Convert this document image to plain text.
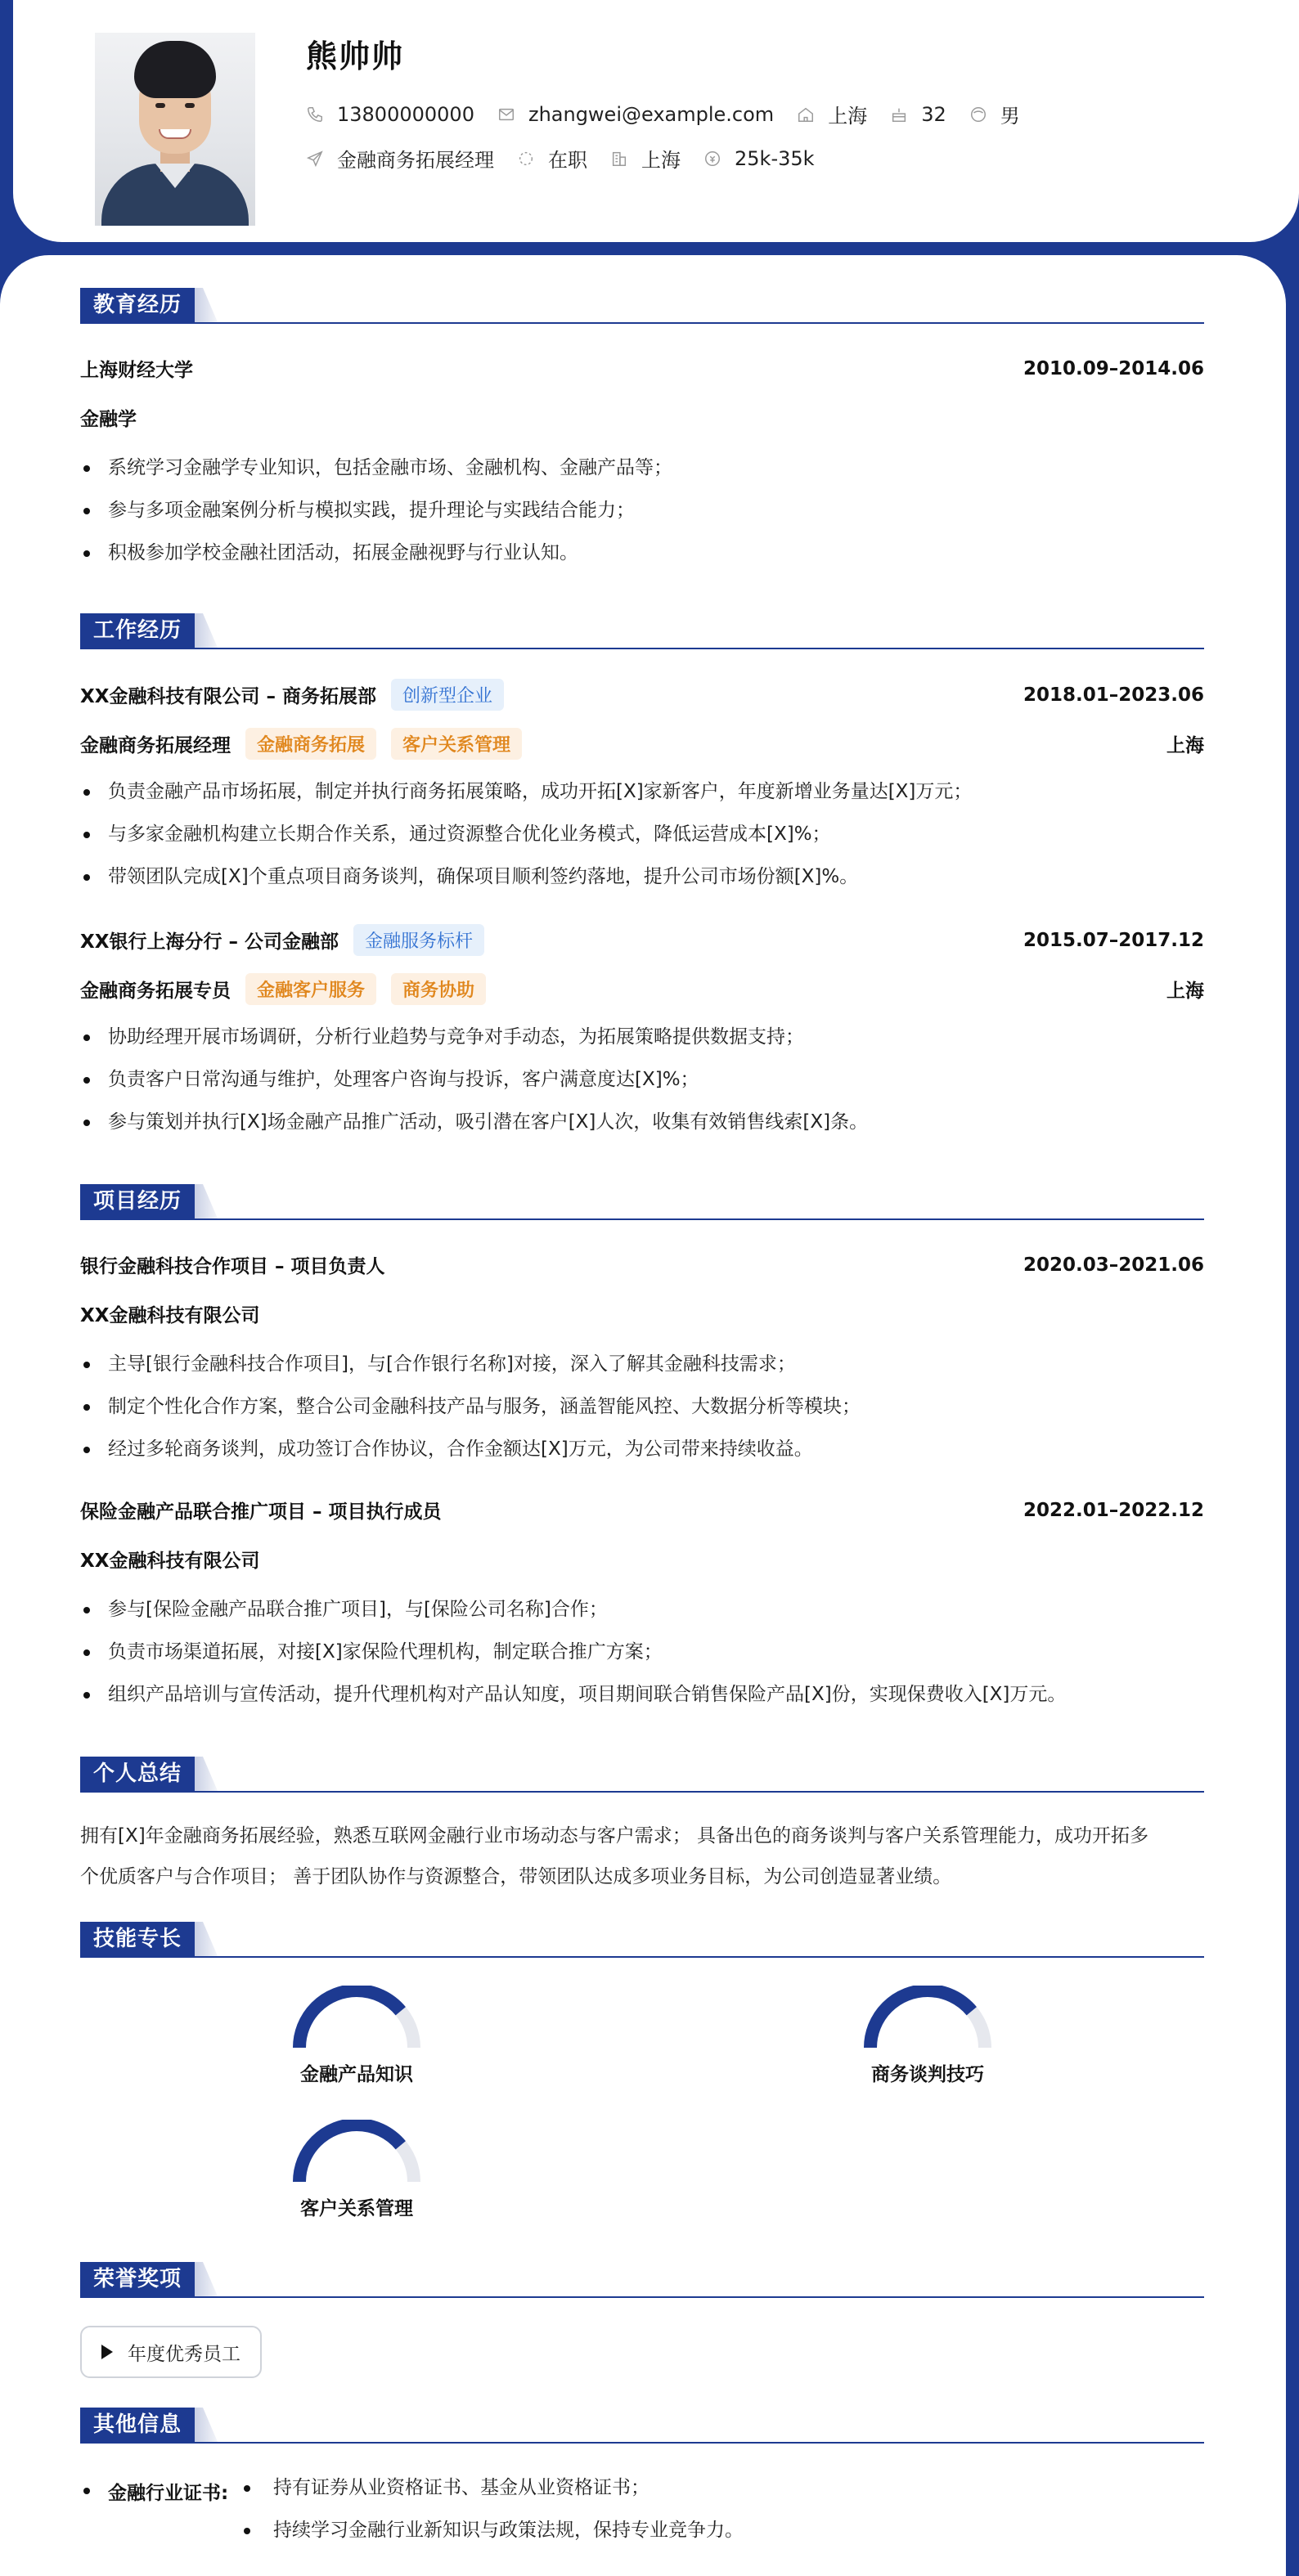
熊帅帅
13800000000	zhangwei@example.com	上海	32	男
金融商务拓展经理	在职	上海	25k-35k
教育经历
上海财经大学	2010.09–2014.06
金融学
系统学习金融学专业知识，包括金融市场、金融机构、金融产品等；
参与多项金融案例分析与模拟实践，提升理论与实践结合能力；
积极参加学校金融社团活动，拓展金融视野与行业认知。
工作经历
XX金融科技有限公司 – 商务拓展部	创新型企业	2018.01–2023.06
金融商务拓展经理	金融商务拓展	客户关系管理	上海
负责金融产品市场拓展，制定并执行商务拓展策略，成功开拓[X]家新客户，年度新增业务量达[X]万元；
与多家金融机构建立长期合作关系，通过资源整合优化业务模式，降低运营成本[X]%；
带领团队完成[X]个重点项目商务谈判，确保项目顺利签约落地，提升公司市场份额[X]%。
XX银行上海分行 – 公司金融部	金融服务标杆	2015.07–2017.12
金融商务拓展专员	金融客户服务	商务协助	上海
协助经理开展市场调研，分析行业趋势与竞争对手动态，为拓展策略提供数据支持；
负责客户日常沟通与维护，处理客户咨询与投诉，客户满意度达[X]%；
参与策划并执行[X]场金融产品推广活动，吸引潜在客户[X]人次，收集有效销售线索[X]条。
项目经历
银行金融科技合作项目 – 项目负责人	2020.03–2021.06
XX金融科技有限公司
主导[银行金融科技合作项目]，与[合作银行名称]对接，深入了解其金融科技需求；
制定个性化合作方案，整合公司金融科技产品与服务，涵盖智能风控、大数据分析等模块；
经过多轮商务谈判，成功签订合作协议，合作金额达[X]万元，为公司带来持续收益。
保险金融产品联合推广项目 – 项目执行成员	2022.01–2022.12
XX金融科技有限公司
参与[保险金融产品联合推广项目]，与[保险公司名称]合作；
负责市场渠道拓展，对接[X]家保险代理机构，制定联合推广方案；
组织产品培训与宣传活动，提升代理机构对产品认知度，项目期间联合销售保险产品[X]份，实现保费收入[X]万元。
个人总结
拥有[X]年金融商务拓展经验，熟悉互联网金融行业市场动态与客户需求； 具备出色的商务谈判与客户关系管理能力，成功开拓多
个优质客户与合作项目； 善于团队协作与资源整合，带领团队达成多项业务目标，为公司创造显著业绩。
技能专长
金融产品知识	商务谈判技巧
客户关系管理
荣誉奖项
年度优秀员工
其他信息
金融行业证书:	持有证券从业资格证书、基金从业资格证书；
持续学习金融行业新知识与政策法规，保持专业竞争力。
